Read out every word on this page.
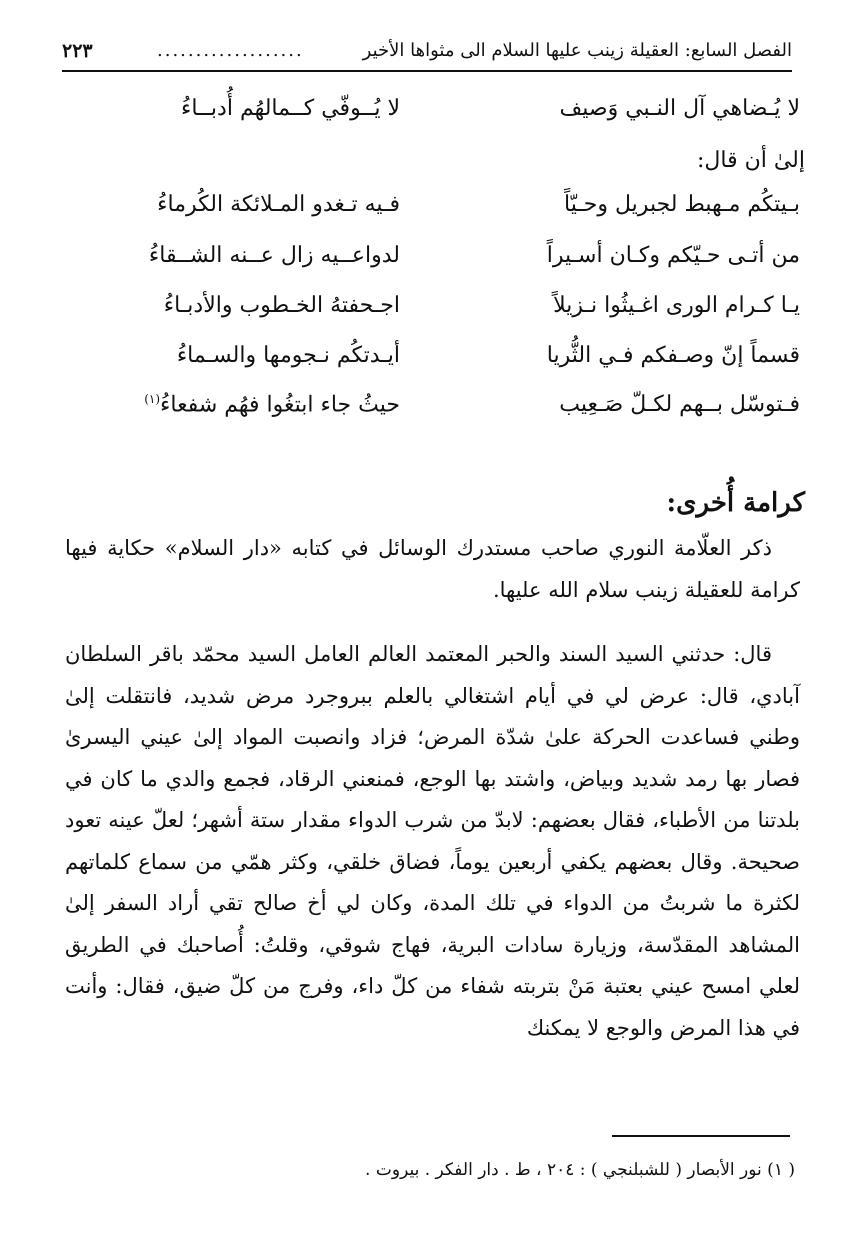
الفصل السابع: العقيلة زينب عليها السلام الى مثواها الأخير
...................
٢٢٣
لا يُـضاهي آل النـبي وَصيف
لا يُــوفّي كــمالهُم أُدبــاءُ
إلىٰ أن قال:
بـيتكُم مـهبط لجبريل وحـيّاً
فـيه تـغدو المـلائكة الكُرماءُ
من أتـى حـيّكم وكـان أسـيراً
لدواعــيه زال عــنه الشــقاءُ
يـا كـرام الورى اغـيثُوا نـزيلاً
اجـحفتهُ الخـطوب والأدبـاءُ
قسماً إنّ وصـفكم فـي الثُّريا
أيـدتكُم نـجومها والسـماءُ
فـتوسّل بــهم لكـلّ صَـعِيب
حيثُ جاء ابتغُوا فهُم شفعاءُ$^{(١)}$
كرامة أُخرى:

ذكر العلّامة النوري صاحب مستدرك الوسائل في كتابه «دار السلام» حكاية فيها كرامة للعقيلة زينب سلام الله عليها.

قال: حدثني السيد السند والحبر المعتمد العالم العامل السيد محمّد باقر السلطان آبادي، قال: عرض لي في أيام اشتغالي بالعلم ببروجرد مرض شديد، فانتقلت إلىٰ وطني فساعدت الحركة علىٰ شدّة المرض؛ فزاد وانصبت المواد إلىٰ عيني اليسرىٰ فصار بها رمد شديد وبياض، واشتد بها الوجع، فمنعني الرقاد، فجمع والدي ما كان في بلدتنا من الأطباء، فقال بعضهم: لابدّ من شرب الدواء مقدار ستة أشهر؛ لعلّ عينه تعود صحيحة. وقال بعضهم يكفي أربعين يوماً، فضاق خلقي، وكثر همّي من سماع كلماتهم لكثرة ما شربتُ من الدواء في تلك المدة، وكان لي أخ صالح تقي أراد السفر إلىٰ المشاهد المقدّسة، وزيارة سادات البرية، فهاج شوقي، وقلتُ: أُصاحبك في الطريق لعلي امسح عيني بعتبة مَنْ بتربته شفاء من كلّ داء، وفرج من كلّ ضيق، فقال: وأنت في هذا المرض والوجع لا يمكنك

( ١) نور الأبصار ( للشبلنجي ) : ٢٠٤ ، ط . دار الفكر . بيروت .
